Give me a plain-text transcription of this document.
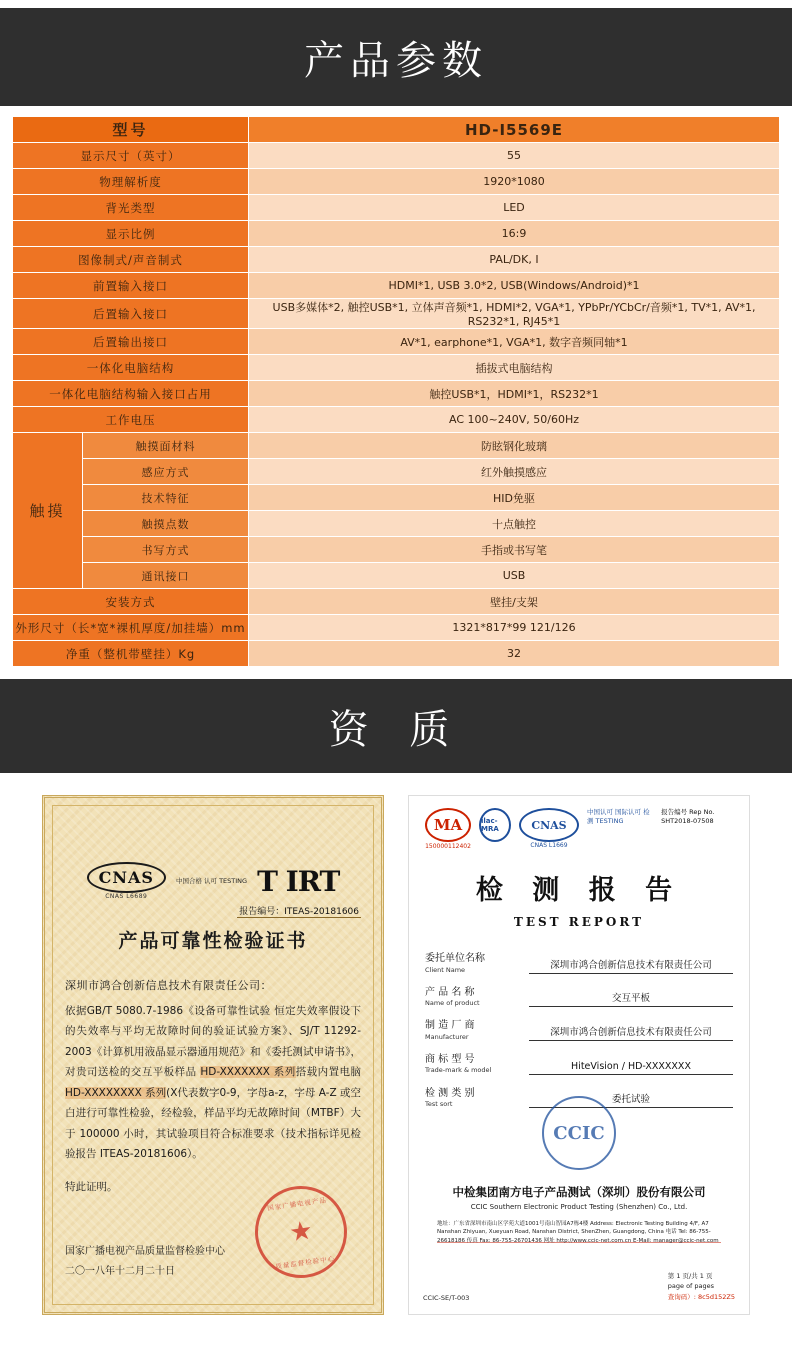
产品参数
型号		HD-I5569E
显示尺寸（英寸）		55
物理解析度		1920*1080
背光类型		LED
显示比例		16:9
图像制式/声音制式		PAL/DK, I
前置输入接口		HDMI*1, USB 3.0*2, USB(Windows/Android)*1
后置输入接口		USB多媒体*2, 触控USB*1, 立体声音频*1, HDMI*2, VGA*1, YPbPr/YCbCr/音频*1, TV*1, AV*1, RS232*1, RJ45*1
后置输出接口		AV*1, earphone*1, VGA*1, 数字音频同轴*1
一体化电脑结构		插拔式电脑结构
一体化电脑结构输入接口占用		触控USB*1，HDMI*1，RS232*1
工作电压		AC 100~240V, 50/60Hz
触摸	触摸面材料	防眩钢化玻璃
	感应方式	红外触摸感应
	技术特征	HID免驱
	触摸点数	十点触控
	书写方式	手指或书写笔
	通讯接口	USB
安装方式		壁挂/支架
外形尺寸（长*宽*裸机厚度/加挂墙）mm		1321*817*99 121/126
净重（整机带壁挂）Kg		32
资 质
CNAS
CNAS L6689
中国合格 认可 TESTING T IRT
报告编号：ITEAS-20181606
产品可靠性检验证书
深圳市鸿合创新信息技术有限责任公司：
依据GB/T 5080.7-1986《设备可靠性试验 恒定失效率假设下的失效率与平均无故障时间的验证试验方案》、SJ/T 11292-2003《计算机用液晶显示器通用规范》和《委托测试申请书》，对贵司送检的交互平板样品 HD-XXXXXXX 系列搭载内置电脑 HD-XXXXXXXX 系列(X代表数字0-9，字母a-z，字母 A-Z 或空白进行可靠性检验，经检验，样品平均无故障时间（MTBF）大于 100000 小时，其试验项目符合标准要求（技术指标详见检验报告 ITEAS-20181606）。
特此证明。
国家广播电视产品质量监督检验中心
二〇一八年十二月二十日
国家广播电视产品
★
质量监督检验中心
MA
150000112402
ilac-MRA	CNAS
CNAS L1669
中国认可 国际认可 检测 TESTING
报告编号 Rep No. SHT2018-07508
检 测 报 告
TEST REPORT
委托单位名称
Client Name	深圳市鸿合创新信息技术有限责任公司
产 品 名 称
Name of product	交互平板
制 造 厂 商
Manufacturer	深圳市鸿合创新信息技术有限责任公司
商 标 型 号
Trade-mark & model	HiteVision / HD-XXXXXXX
检 测 类 别
Test sort	委托试验
CCIC
中检集团南方电子产品测试（深圳）股份有限公司
CCIC Southern Electronic Product Testing (Shenzhen) Co., Ltd.
地址：广东省深圳市南山区学苑大道1001号南山智园A7栋4楼 Address: Electronic Testing Building 4/F, A7 Nanshan Zhiyuan, Xueyuan Road, Nanshan District, ShenZhen, Guangdong, China 电话 Tel: 86-755-26618186 传真 Fax: 86-755-26701436 网址 http://www.ccic-net.com.cn E-Mail: manager@ccic-net.com
CCIC-SE/T-003
第 1 页/共 1 页
page of pages
查询码）: 8c5d152Z5
